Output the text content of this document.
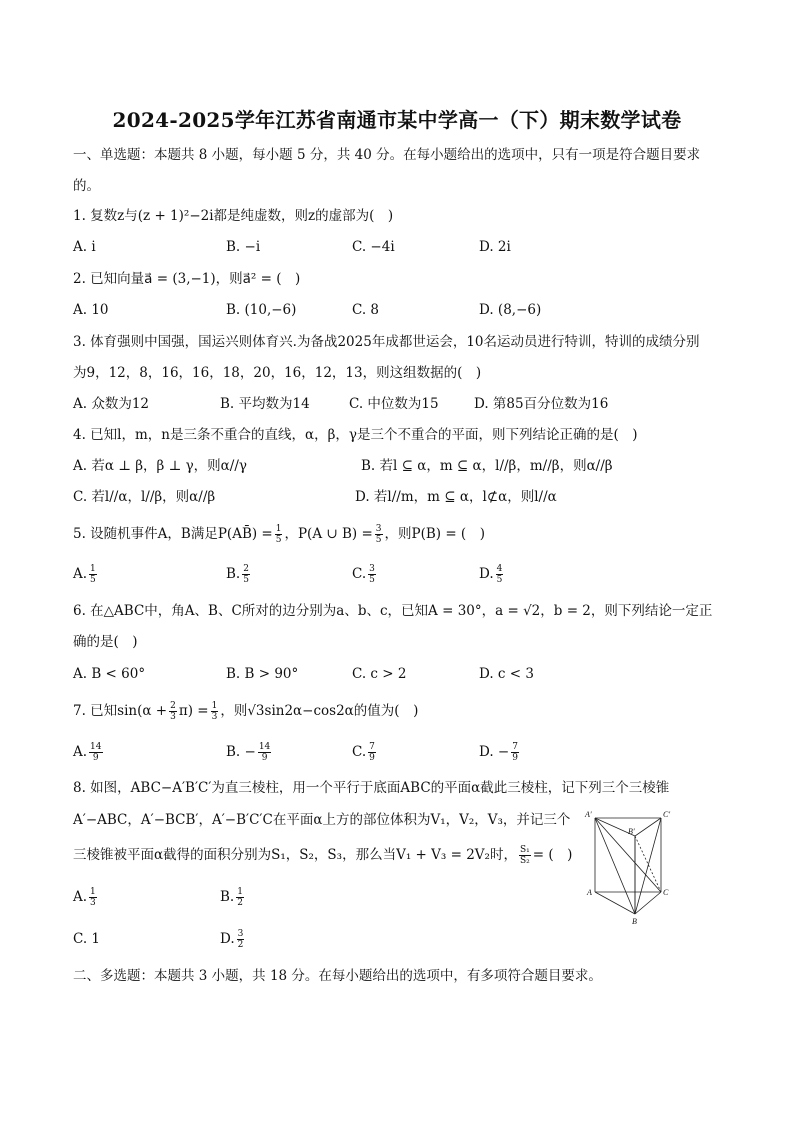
2024-2025学年江苏省南通市某中学高一（下）期末数学试卷
一、单选题：本题共 8 小题，每小题 5 分，共 40 分。在每小题给出的选项中，只有一项是符合题目要求
的。
1. 复数z与(z + 1)²−2i都是纯虚数，则z的虚部为(　)
A. i	B. −i	C. −4i	D. 2i
2. 已知向量a⃗ = (3,−1)，则a⃗² = (　)
A. 10	B. (10,−6)	C. 8	D. (8,−6)
3. 体育强则中国强，国运兴则体育兴.为备战2025年成都世运会，10名运动员进行特训，特训的成绩分别
为9，12，8，16，16，18，20，16，12，13，则这组数据的(　)
A. 众数为12	B. 平均数为14	C. 中位数为15	D. 第85百分位数为16
4. 已知l，m，n是三条不重合的直线，α，β，γ是三个不重合的平面，则下列结论正确的是(　)
A. 若α ⊥ β，β ⊥ γ，则α//γ	B. 若l ⊆ α，m ⊆ α，l//β，m//β，则α//β
C. 若l//α，l//β，则α//β	D. 若l//m，m ⊆ α，l⊄α，则l//α
5. 设随机事件A，B满足P(AB̄) = $\frac{1}{5}$ ，P(A ∪ $B) = \frac{3}{5}$ ，则P(B) = (　)
A. $\frac{1}{5}$	B. $\frac{2}{5}$	C. $\frac{3}{5}$	D. $\frac{4}{5}$
6. 在△ABC中，角A、B、C所对的边分别为a、b、c，已知A = 30°，a = √2，b = 2，则下列结论一定正
确的是(　)
A. B < 60°	B. B > 90°	C. c > 2	D. c < 3
7. 已知$\sin(\alpha + \frac{2}{3} \pi) = \frac{1}{3}$ ，则√3sin2α−cos2α的值为(　)
A. $\frac{14}{9}$	B. − $\frac{14}{9}$	C. $\frac{7}{9}$	D. − $\frac{7}{9}$
8. 如图，ABC−A′B′C′为直三棱柱，用一个平行于底面ABC的平面α截此三棱柱，记下列三个三棱锥
A′−ABC，A′−BCB′，A′−B′C′C在平面α上方的部位体积为V₁，V₂，V₃，并记三个
三棱锥被平面α截得的面积分别为S₁，S₂，S₃，那么当V₁ + V₃ = 2V₂时， $\frac{\text{S₁}}{\text{S₂}}$ = (　)
A. $\frac{1}{3}$	B. $\frac{1}{2}$
C. 1	D. $\frac{3}{2}$
A′
B′
C′
A
B
C
二、多选题：本题共 3 小题，共 18 分。在每小题给出的选项中，有多项符合题目要求。
